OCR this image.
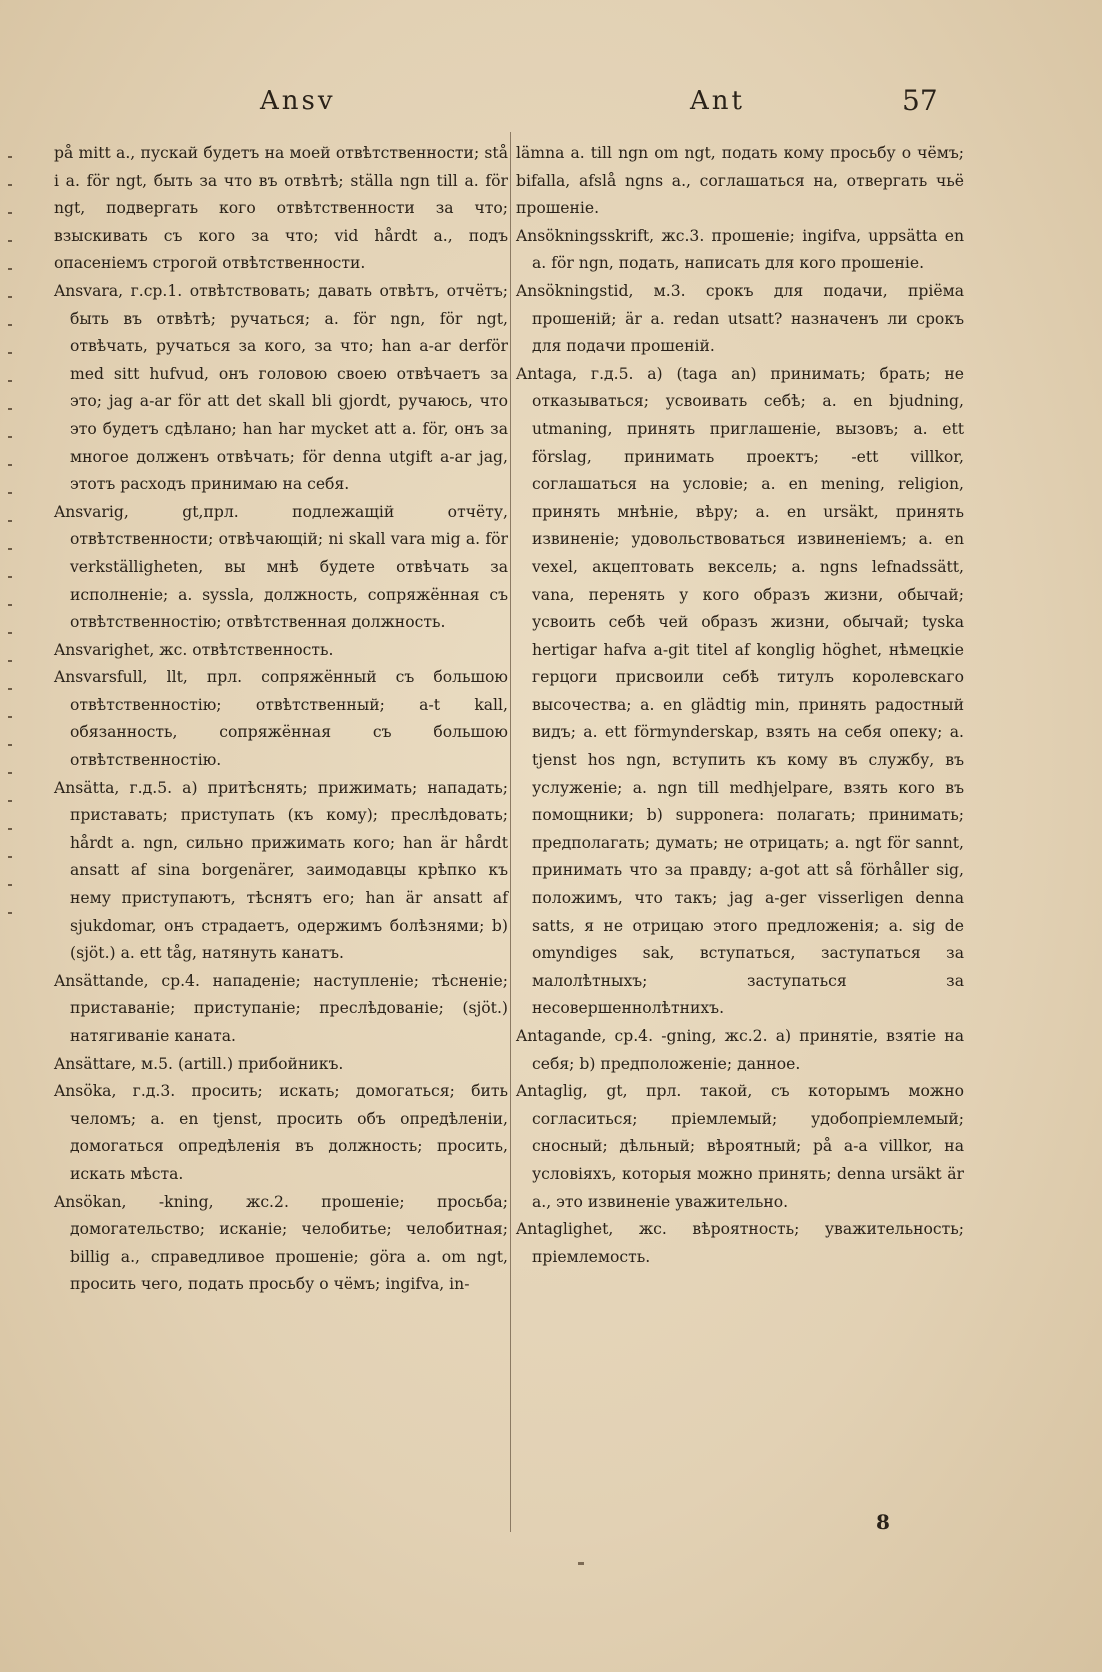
Ansv	Ant	57

på mitt a., пускай будетъ на моей отвѣтственности; stå i a. för ngt, быть за что въ отвѣтѣ; ställa ngn till a. för ngt, подвергать кого отвѣтственности за что; взыскивать съ кого за что; vid hårdt a., подъ опасеніемъ строгой отвѣтственности.

Ansvara, г.ср.1. отвѣтствовать; давать отвѣтъ, отчётъ; быть въ отвѣтѣ; ручаться; a. för ngn, för ngt, отвѣчать, ручаться за кого, за что; han a-ar derför med sitt hufvud, онъ головою своею отвѣчаетъ за это; jag a-ar för att det skall bli gjordt, ручаюсь, что это будетъ сдѣлано; han har mycket att a. för, онъ за многое долженъ отвѣчать; för denna utgift a-ar jag, этотъ расходъ принимаю на себя.

Ansvarig, gt,прл. подлежащій отчёту, отвѣтственности; отвѣчающій; ni skall vara mig a. för verkställigheten, вы мнѣ будете отвѣчать за исполненіе; a. syssla, должность, сопряжённая съ отвѣтственностію; отвѣтственная должность.

Ansvarighet, жс. отвѣтственность.

Ansvarsfull, llt, прл. сопряжённый съ большою отвѣтственностію; отвѣтственный; a-t kall, обязанность, сопряжённая съ большою отвѣтственностію.

Ansätta, г.д.5. a) притѣснять; прижимать; нападать; приставать; приступать (къ кому); преслѣдовать; hårdt a. ngn, сильно прижимать кого; han är hårdt ansatt af sina borgenärer, заимодавцы крѣпко къ нему приступаютъ, тѣснятъ его; han är ansatt af sjukdomar, онъ страдаетъ, одержимъ болѣзнями; b) (sjöt.) a. ett tåg, натянуть канатъ.

Ansättande, ср.4. нападеніе; наступленіе; тѣсненіе; приставаніе; приступаніе; преслѣдованіе; (sjöt.) натягиваніе каната.

Ansättare, м.5. (artill.) прибойникъ.

Ansöka, г.д.3. просить; искать; домогаться; бить челомъ; a. en tjenst, просить объ опредѣленіи, домогаться опредѣленія въ должность; просить, искать мѣста.

Ansökan, -kning, жс.2. прошеніе; просьба; домогательство; исканіе; челобитье; челобитная; billig a., справедливое прошеніе; göra a. om ngt, просить чего, подать просьбу о чёмъ; ingifva, in-

lämna a. till ngn om ngt, подать кому просьбу о чёмъ; bifalla, afslå ngns a., соглашаться на, отвергать чьё прошеніе.

Ansökningsskrift, жс.3. прошеніе; ingifva, uppsätta en a. för ngn, подать, написать для кого прошеніе.

Ansökningstid, м.3. срокъ для подачи, пріёма прошеній; är a. redan utsatt? назначенъ ли срокъ для подачи прошеній.

Antaga, г.д.5. a) (taga an) принимать; брать; не отказываться; усвоивать себѣ; a. en bjudning, utmaning, принять приглашеніе, вызовъ; a. ett förslag, принимать проектъ; -ett villkor, соглашаться на условіе; a. en mening, religion, принять мнѣніе, вѣру; a. en ursäkt, принять извиненіе; удовольствоваться извиненіемъ; a. en vexel, акцептовать вексель; a. ngns lefnadssätt, vana, перенять у кого образъ жизни, обычай; усвоить себѣ чей образъ жизни, обычай; tyska hertigar hafva a-git titel af konglig höghet, нѣмецкіе герцоги присвоили себѣ титулъ королевскаго высочества; a. en glädtig min, принять радостный видъ; a. ett förmynderskap, взять на себя опеку; a. tjenst hos ngn, вступить къ кому въ службу, въ услуженіе; a. ngn till medhjelpare, взять кого въ помощники; b) supponera: полагать; принимать; предполагать; думать; не отрицать; a. ngt för sannt, принимать что за правду; a-got att så förhåller sig, положимъ, что такъ; jag a-ger visserligen denna satts, я не отрицаю этого предложенія; a. sig de omyndiges sak, вступаться, заступаться за малолѣтныхъ; заступаться за несовершеннолѣтнихъ.

Antagande, ср.4. -gning, жс.2. a) принятіе, взятіе на себя; b) предположеніе; данное.

Antaglig, gt, прл. такой, съ которымъ можно согласиться; пріемлемый; удобопріемлемый; сносный; дѣльный; вѣроятный; på a-a villkor, на условіяхъ, которыя можно принять; denna ursäkt är a., это извиненіе уважительно.

Antaglighet, жс. вѣроятность; уважительность; пріемлемость.

8
